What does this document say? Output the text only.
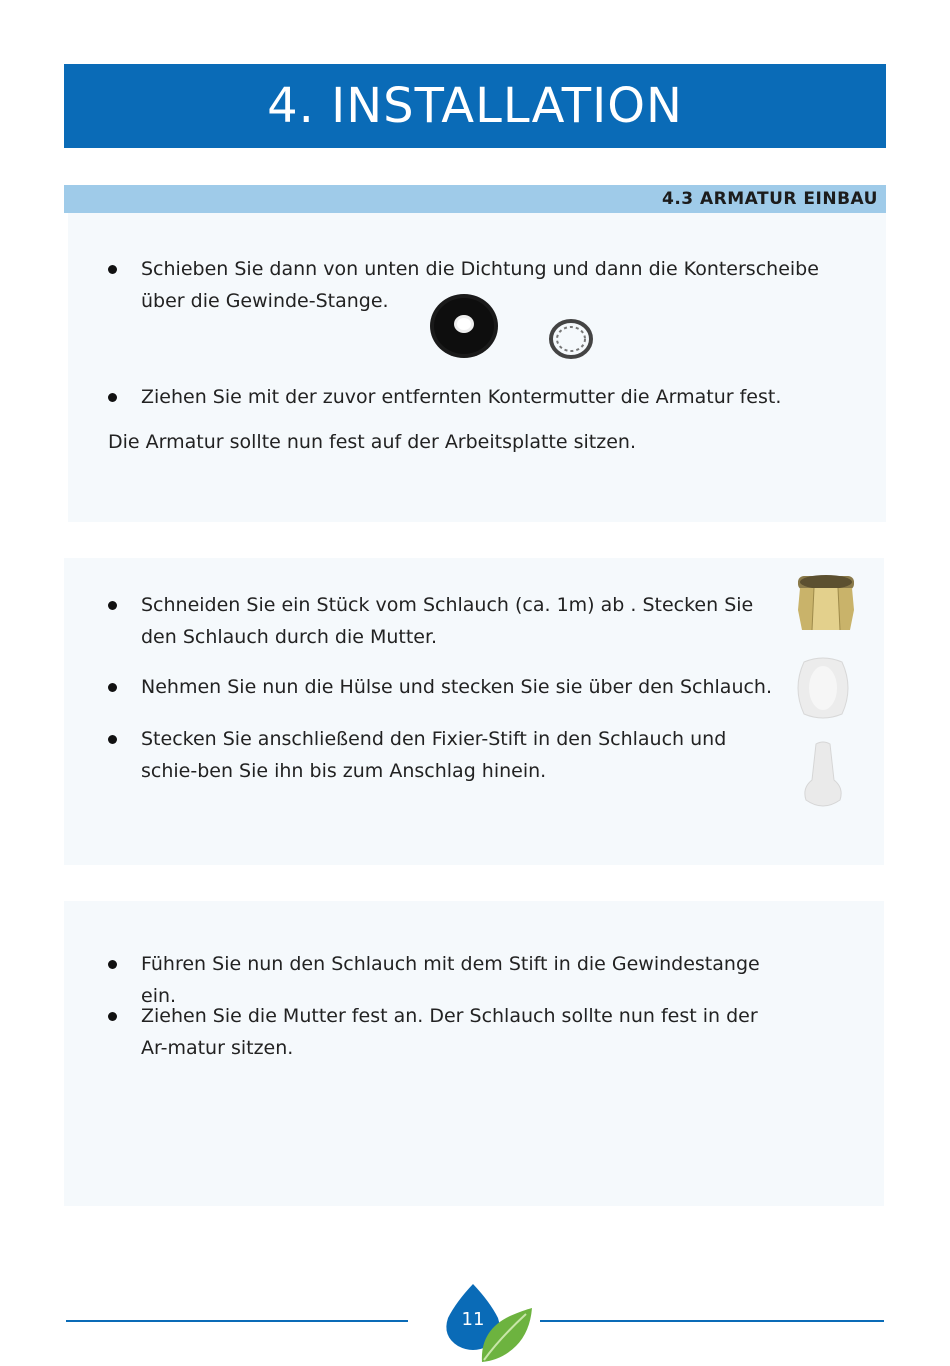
4. INSTALLATION
4.3 ARMATUR EINBAU
Schieben Sie dann von unten die Dichtung und dann die Konterscheibe über die Gewinde-Stange.
Ziehen Sie mit der zuvor entfernten Kontermutter die Armatur fest.
Die Armatur sollte nun fest auf der Arbeitsplatte sitzen.
Schneiden Sie ein Stück vom Schlauch (ca. 1m) ab . Stecken Sie den Schlauch durch die Mutter.
Nehmen Sie nun die Hülse und stecken Sie sie über den Schlauch.
Stecken Sie anschließend den Fixier-Stift in den Schlauch und schie-ben Sie ihn bis zum Anschlag hinein.
Führen Sie nun den Schlauch mit dem Stift in die Gewindestange ein.
Ziehen Sie die Mutter fest an. Der Schlauch sollte nun fest in der Ar-matur sitzen.
11
